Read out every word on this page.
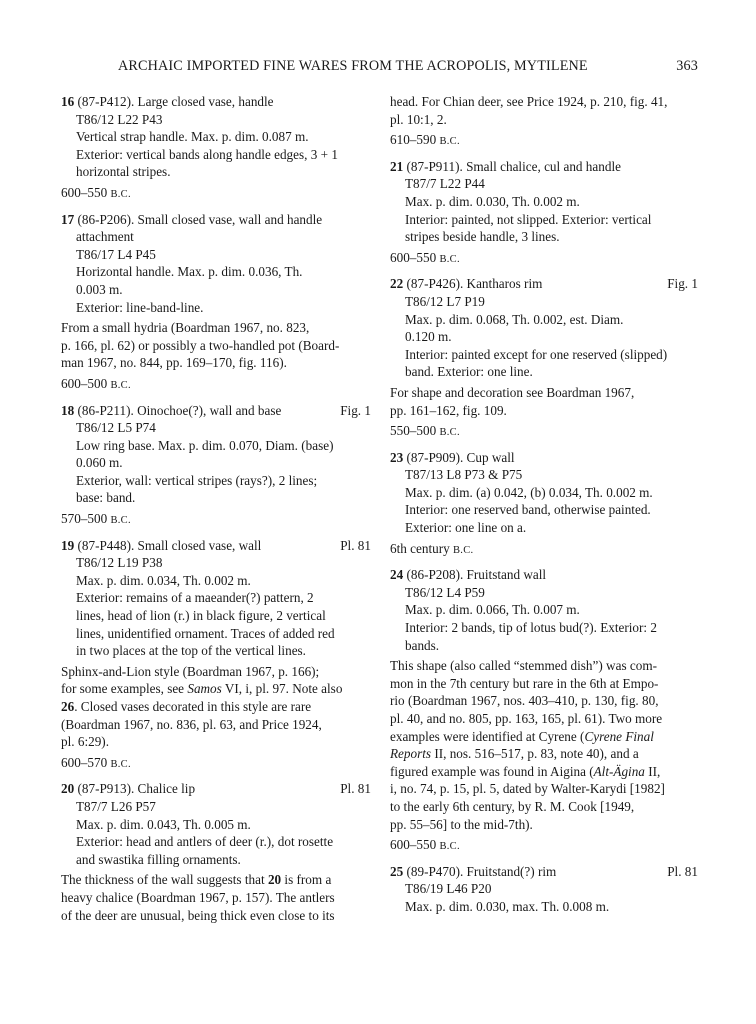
ARCHAIC IMPORTED FINE WARES FROM THE ACROPOLIS, MYTILENE	363
16 (87-P412). Large closed vase, handle
T86/12 L22 P43
Vertical strap handle. Max. p. dim. 0.087 m.
Exterior: vertical bands along handle edges, 3 + 1
horizontal stripes.
600–550 B.C.
17 (86-P206). Small closed vase, wall and handle
attachment
T86/17 L4 P45
Horizontal handle. Max. p. dim. 0.036, Th.
0.003 m.
Exterior: line-band-line.
From a small hydria (Boardman 1967, no. 823,
p. 166, pl. 62) or possibly a two-handled pot (Board-
man 1967, no. 844, pp. 169–170, fig. 116).
600–500 B.C.
18 (86-P211). Oinochoe(?), wall and base	Fig. 1
T86/12 L5 P74
Low ring base. Max. p. dim. 0.070, Diam. (base)
0.060 m.
Exterior, wall: vertical stripes (rays?), 2 lines;
base: band.
570–500 B.C.
19 (87-P448). Small closed vase, wall	Pl. 81
T86/12 L19 P38
Max. p. dim. 0.034, Th. 0.002 m.
Exterior: remains of a maeander(?) pattern, 2
lines, head of lion (r.) in black figure, 2 vertical
lines, unidentified ornament. Traces of added red
in two places at the top of the vertical lines.
Sphinx-and-Lion style (Boardman 1967, p. 166);
for some examples, see Samos VI, i, pl. 97. Note also
26. Closed vases decorated in this style are rare
(Boardman 1967, no. 836, pl. 63, and Price 1924,
pl. 6:29).
600–570 B.C.
20 (87-P913). Chalice lip	Pl. 81
T87/7 L26 P57
Max. p. dim. 0.043, Th. 0.005 m.
Exterior: head and antlers of deer (r.), dot rosette
and swastika filling ornaments.
The thickness of the wall suggests that 20 is from a
heavy chalice (Boardman 1967, p. 157). The antlers
of the deer are unusual, being thick even close to its
head. For Chian deer, see Price 1924, p. 210, fig. 41,
pl. 10:1, 2.
610–590 B.C.
21 (87-P911). Small chalice, cul and handle
T87/7 L22 P44
Max. p. dim. 0.030, Th. 0.002 m.
Interior: painted, not slipped. Exterior: vertical
stripes beside handle, 3 lines.
600–550 B.C.
22 (87-P426). Kantharos rim	Fig. 1
T86/12 L7 P19
Max. p. dim. 0.068, Th. 0.002, est. Diam.
0.120 m.
Interior: painted except for one reserved (slipped)
band. Exterior: one line.
For shape and decoration see Boardman 1967,
pp. 161–162, fig. 109.
550–500 B.C.
23 (87-P909). Cup wall
T87/13 L8 P73 & P75
Max. p. dim. (a) 0.042, (b) 0.034, Th. 0.002 m.
Interior: one reserved band, otherwise painted.
Exterior: one line on a.
6th century B.C.
24 (86-P208). Fruitstand wall
T86/12 L4 P59
Max. p. dim. 0.066, Th. 0.007 m.
Interior: 2 bands, tip of lotus bud(?). Exterior: 2
bands.
This shape (also called “stemmed dish”) was com-
mon in the 7th century but rare in the 6th at Empo-
rio (Boardman 1967, nos. 403–410, p. 130, fig. 80,
pl. 40, and no. 805, pp. 163, 165, pl. 61). Two more
examples were identified at Cyrene (Cyrene Final
Reports II, nos. 516–517, p. 83, note 40), and a
figured example was found in Aigina (Alt-Ägina II,
i, no. 74, p. 15, pl. 5, dated by Walter-Karydi [1982]
to the early 6th century, by R. M. Cook [1949,
pp. 55–56] to the mid-7th).
600–550 B.C.
25 (89-P470). Fruitstand(?) rim	Pl. 81
T86/19 L46 P20
Max. p. dim. 0.030, max. Th. 0.008 m.
